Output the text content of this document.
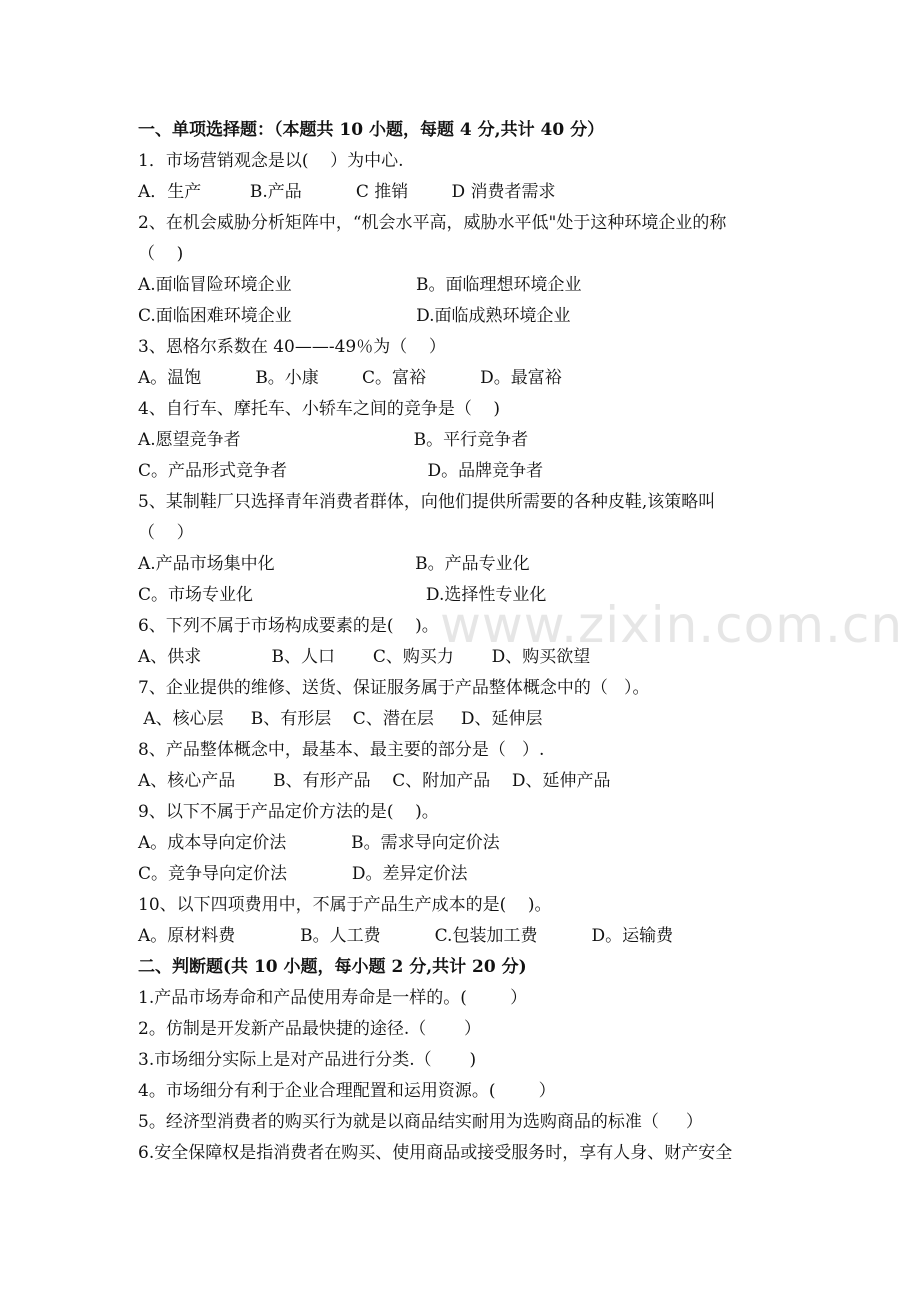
www.zixin.com.cn

一、单项选择题：（本题共 10 小题，每题 4 分,共计 40 分）

1．市场营销观念是以(    ）为中心.

A．生产         B.产品          C 推销        D 消费者需求

2、在机会威胁分析矩阵中，“机会水平高，威胁水平低"处于这种环境企业的称

（    )

A.面临冒险环境企业                       B。面临理想环境企业

C.面临困难环境企业                       D.面临成熟环境企业

3、恩格尔系数在 40——-49％为（    ）

A。温饱          B。小康        C。富裕          D。最富裕

4、自行车、摩托车、小轿车之间的竞争是（    )

A.愿望竞争者                                B。平行竞争者

C。产品形式竞争者                          D。品牌竞争者

5、某制鞋厂只选择青年消费者群体，向他们提供所需要的各种皮鞋,该策略叫

（    ）

A.产品市场集中化                          B。产品专业化

C。市场专业化                                D.选择性专业化

6、下列不属于市场构成要素的是(    )。

A、供求             B、人口       C、购买力       D、购买欲望

7、企业提供的维修、送货、保证服务属于产品整体概念中的（   ）。

A、核心层     B、有形层    C、潜在层     D、延伸层

8、产品整体概念中，最基本、最主要的部分是（   ）.

A、核心产品       B、有形产品    C、附加产品    D、延伸产品

9、以下不属于产品定价方法的是(    )。

A。成本导向定价法            B。需求导向定价法

C。竞争导向定价法            D。差异定价法

10、以下四项费用中，不属于产品生产成本的是(    )。

A。原材料费            B。人工费          C.包装加工费          D。运输费

二、判断题(共 10 小题，每小题 2 分,共计 20 分)

1.产品市场寿命和产品使用寿命是一样的。(        ）

2。仿制是开发新产品最快捷的途径.（       ）

3.市场细分实际上是对产品进行分类.（       )

4。市场细分有利于企业合理配置和运用资源。(        ）

5。经济型消费者的购买行为就是以商品结实耐用为选购商品的标准（     ）

6.安全保障权是指消费者在购买、使用商品或接受服务时，享有人身、财产安全
